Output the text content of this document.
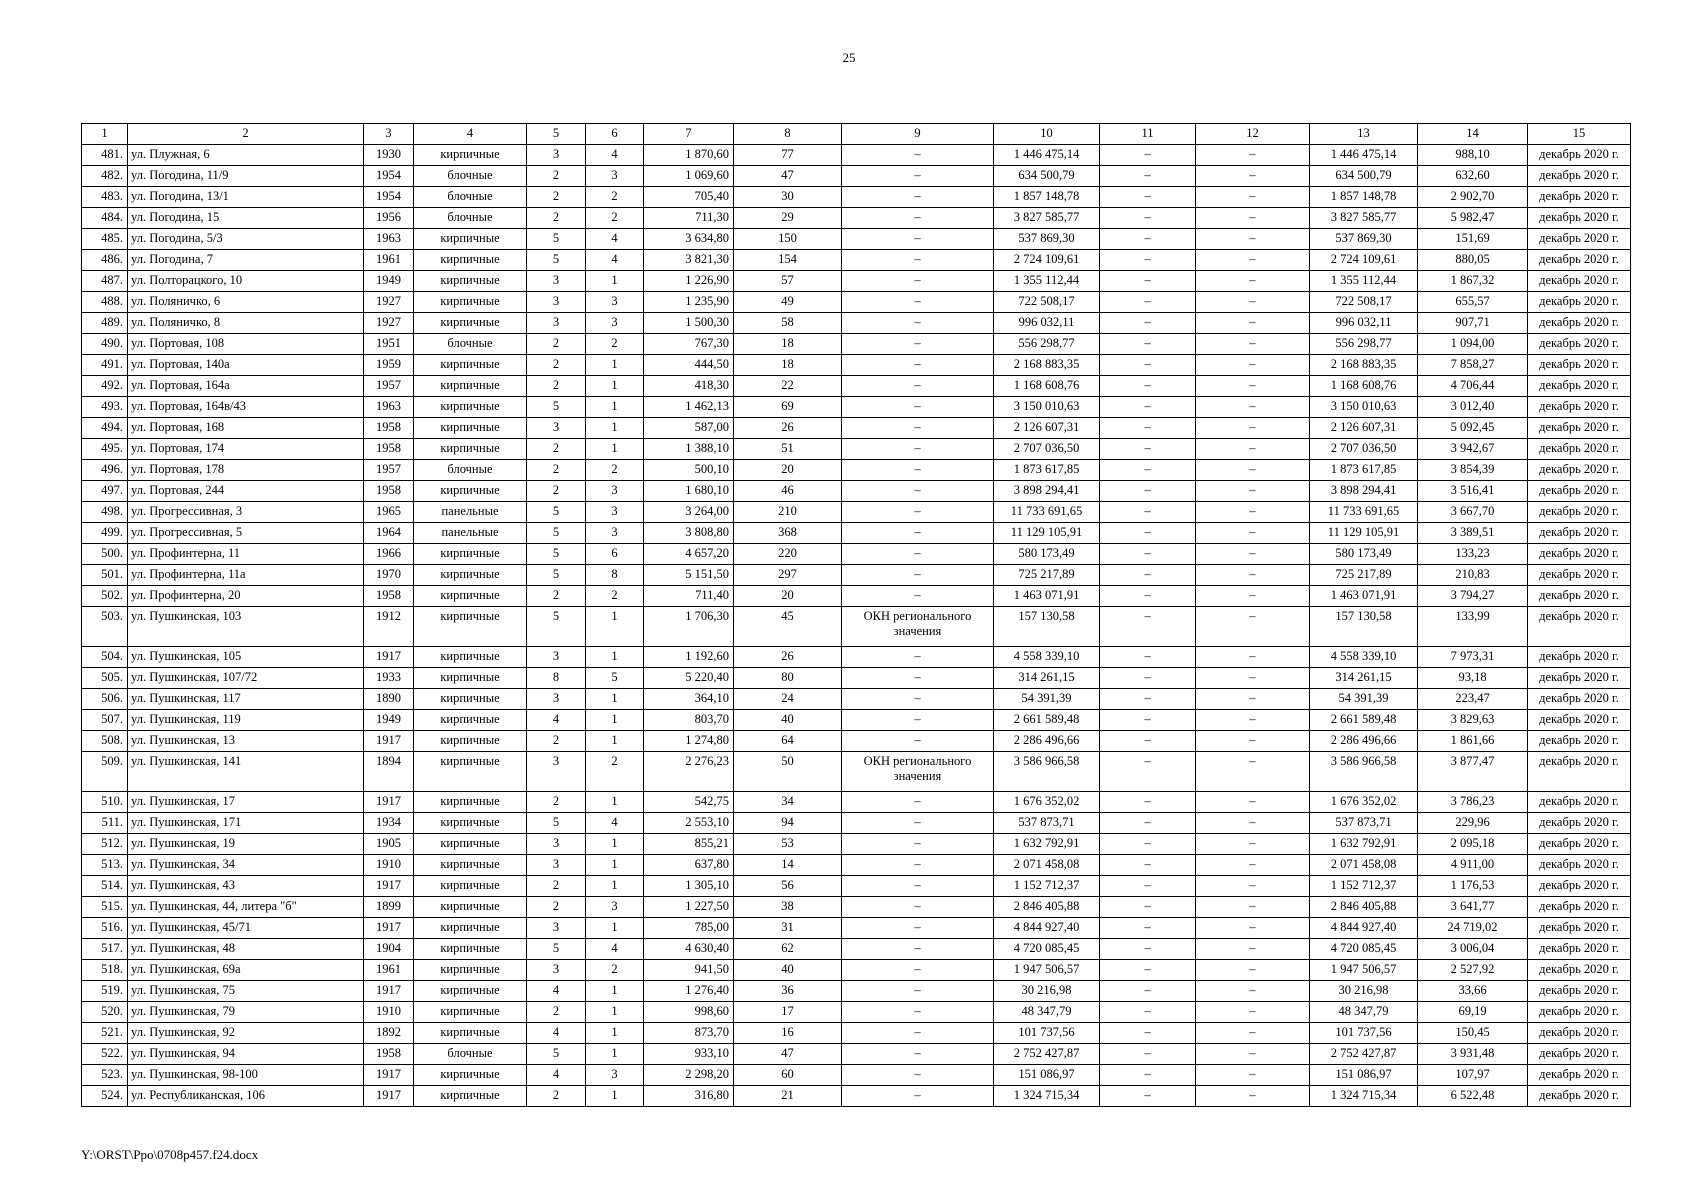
25
1	2	3	4	5	6	7	8	9	10	11	12	13	14	15
481.	ул. Плужная, 6	1930	кирпичные	3	4	1 870,60	77	–	1 446 475,14	–	–	1 446 475,14	988,10	декабрь 2020 г.
482.	ул. Погодина, 11/9	1954	блочные	2	3	1 069,60	47	–	634 500,79	–	–	634 500,79	632,60	декабрь 2020 г.
483.	ул. Погодина, 13/1	1954	блочные	2	2	705,40	30	–	1 857 148,78	–	–	1 857 148,78	2 902,70	декабрь 2020 г.
484.	ул. Погодина, 15	1956	блочные	2	2	711,30	29	–	3 827 585,77	–	–	3 827 585,77	5 982,47	декабрь 2020 г.
485.	ул. Погодина, 5/3	1963	кирпичные	5	4	3 634,80	150	–	537 869,30	–	–	537 869,30	151,69	декабрь 2020 г.
486.	ул. Погодина, 7	1961	кирпичные	5	4	3 821,30	154	–	2 724 109,61	–	–	2 724 109,61	880,05	декабрь 2020 г.
487.	ул. Полторацкого, 10	1949	кирпичные	3	1	1 226,90	57	–	1 355 112,44	–	–	1 355 112,44	1 867,32	декабрь 2020 г.
488.	ул. Поляничко, 6	1927	кирпичные	3	3	1 235,90	49	–	722 508,17	–	–	722 508,17	655,57	декабрь 2020 г.
489.	ул. Поляничко, 8	1927	кирпичные	3	3	1 500,30	58	–	996 032,11	–	–	996 032,11	907,71	декабрь 2020 г.
490.	ул. Портовая, 108	1951	блочные	2	2	767,30	18	–	556 298,77	–	–	556 298,77	1 094,00	декабрь 2020 г.
491.	ул. Портовая, 140а	1959	кирпичные	2	1	444,50	18	–	2 168 883,35	–	–	2 168 883,35	7 858,27	декабрь 2020 г.
492.	ул. Портовая, 164а	1957	кирпичные	2	1	418,30	22	–	1 168 608,76	–	–	1 168 608,76	4 706,44	декабрь 2020 г.
493.	ул. Портовая, 164в/43	1963	кирпичные	5	1	1 462,13	69	–	3 150 010,63	–	–	3 150 010,63	3 012,40	декабрь 2020 г.
494.	ул. Портовая, 168	1958	кирпичные	3	1	587,00	26	–	2 126 607,31	–	–	2 126 607,31	5 092,45	декабрь 2020 г.
495.	ул. Портовая, 174	1958	кирпичные	2	1	1 388,10	51	–	2 707 036,50	–	–	2 707 036,50	3 942,67	декабрь 2020 г.
496.	ул. Портовая, 178	1957	блочные	2	2	500,10	20	–	1 873 617,85	–	–	1 873 617,85	3 854,39	декабрь 2020 г.
497.	ул. Портовая, 244	1958	кирпичные	2	3	1 680,10	46	–	3 898 294,41	–	–	3 898 294,41	3 516,41	декабрь 2020 г.
498.	ул. Прогрессивная, 3	1965	панельные	5	3	3 264,00	210	–	11 733 691,65	–	–	11 733 691,65	3 667,70	декабрь 2020 г.
499.	ул. Прогрессивная, 5	1964	панельные	5	3	3 808,80	368	–	11 129 105,91	–	–	11 129 105,91	3 389,51	декабрь 2020 г.
500.	ул. Профинтерна, 11	1966	кирпичные	5	6	4 657,20	220	–	580 173,49	–	–	580 173,49	133,23	декабрь 2020 г.
501.	ул. Профинтерна, 11а	1970	кирпичные	5	8	5 151,50	297	–	725 217,89	–	–	725 217,89	210,83	декабрь 2020 г.
502.	ул. Профинтерна, 20	1958	кирпичные	2	2	711,40	20	–	1 463 071,91	–	–	1 463 071,91	3 794,27	декабрь 2020 г.
503.	ул. Пушкинская, 103	1912	кирпичные	5	1	1 706,30	45	ОКН регионального значения	157 130,58	–	–	157 130,58	133,99	декабрь 2020 г.
504.	ул. Пушкинская, 105	1917	кирпичные	3	1	1 192,60	26	–	4 558 339,10	–	–	4 558 339,10	7 973,31	декабрь 2020 г.
505.	ул. Пушкинская, 107/72	1933	кирпичные	8	5	5 220,40	80	–	314 261,15	–	–	314 261,15	93,18	декабрь 2020 г.
506.	ул. Пушкинская, 117	1890	кирпичные	3	1	364,10	24	–	54 391,39	–	–	54 391,39	223,47	декабрь 2020 г.
507.	ул. Пушкинская, 119	1949	кирпичные	4	1	803,70	40	–	2 661 589,48	–	–	2 661 589,48	3 829,63	декабрь 2020 г.
508.	ул. Пушкинская, 13	1917	кирпичные	2	1	1 274,80	64	–	2 286 496,66	–	–	2 286 496,66	1 861,66	декабрь 2020 г.
509.	ул. Пушкинская, 141	1894	кирпичные	3	2	2 276,23	50	ОКН регионального значения	3 586 966,58	–	–	3 586 966,58	3 877,47	декабрь 2020 г.
510.	ул. Пушкинская, 17	1917	кирпичные	2	1	542,75	34	–	1 676 352,02	–	–	1 676 352,02	3 786,23	декабрь 2020 г.
511.	ул. Пушкинская, 171	1934	кирпичные	5	4	2 553,10	94	–	537 873,71	–	–	537 873,71	229,96	декабрь 2020 г.
512.	ул. Пушкинская, 19	1905	кирпичные	3	1	855,21	53	–	1 632 792,91	–	–	1 632 792,91	2 095,18	декабрь 2020 г.
513.	ул. Пушкинская, 34	1910	кирпичные	3	1	637,80	14	–	2 071 458,08	–	–	2 071 458,08	4 911,00	декабрь 2020 г.
514.	ул. Пушкинская, 43	1917	кирпичные	2	1	1 305,10	56	–	1 152 712,37	–	–	1 152 712,37	1 176,53	декабрь 2020 г.
515.	ул. Пушкинская, 44, литера "б"	1899	кирпичные	2	3	1 227,50	38	–	2 846 405,88	–	–	2 846 405,88	3 641,77	декабрь 2020 г.
516.	ул. Пушкинская, 45/71	1917	кирпичные	3	1	785,00	31	–	4 844 927,40	–	–	4 844 927,40	24 719,02	декабрь 2020 г.
517.	ул. Пушкинская, 48	1904	кирпичные	5	4	4 630,40	62	–	4 720 085,45	–	–	4 720 085,45	3 006,04	декабрь 2020 г.
518.	ул. Пушкинская, 69а	1961	кирпичные	3	2	941,50	40	–	1 947 506,57	–	–	1 947 506,57	2 527,92	декабрь 2020 г.
519.	ул. Пушкинская, 75	1917	кирпичные	4	1	1 276,40	36	–	30 216,98	–	–	30 216,98	33,66	декабрь 2020 г.
520.	ул. Пушкинская, 79	1910	кирпичные	2	1	998,60	17	–	48 347,79	–	–	48 347,79	69,19	декабрь 2020 г.
521.	ул. Пушкинская, 92	1892	кирпичные	4	1	873,70	16	–	101 737,56	–	–	101 737,56	150,45	декабрь 2020 г.
522.	ул. Пушкинская, 94	1958	блочные	5	1	933,10	47	–	2 752 427,87	–	–	2 752 427,87	3 931,48	декабрь 2020 г.
523.	ул. Пушкинская, 98-100	1917	кирпичные	4	3	2 298,20	60	–	151 086,97	–	–	151 086,97	107,97	декабрь 2020 г.
524.	ул. Республиканская, 106	1917	кирпичные	2	1	316,80	21	–	1 324 715,34	–	–	1 324 715,34	6 522,48	декабрь 2020 г.
Y:\ORST\Ppo\0708p457.f24.docx
